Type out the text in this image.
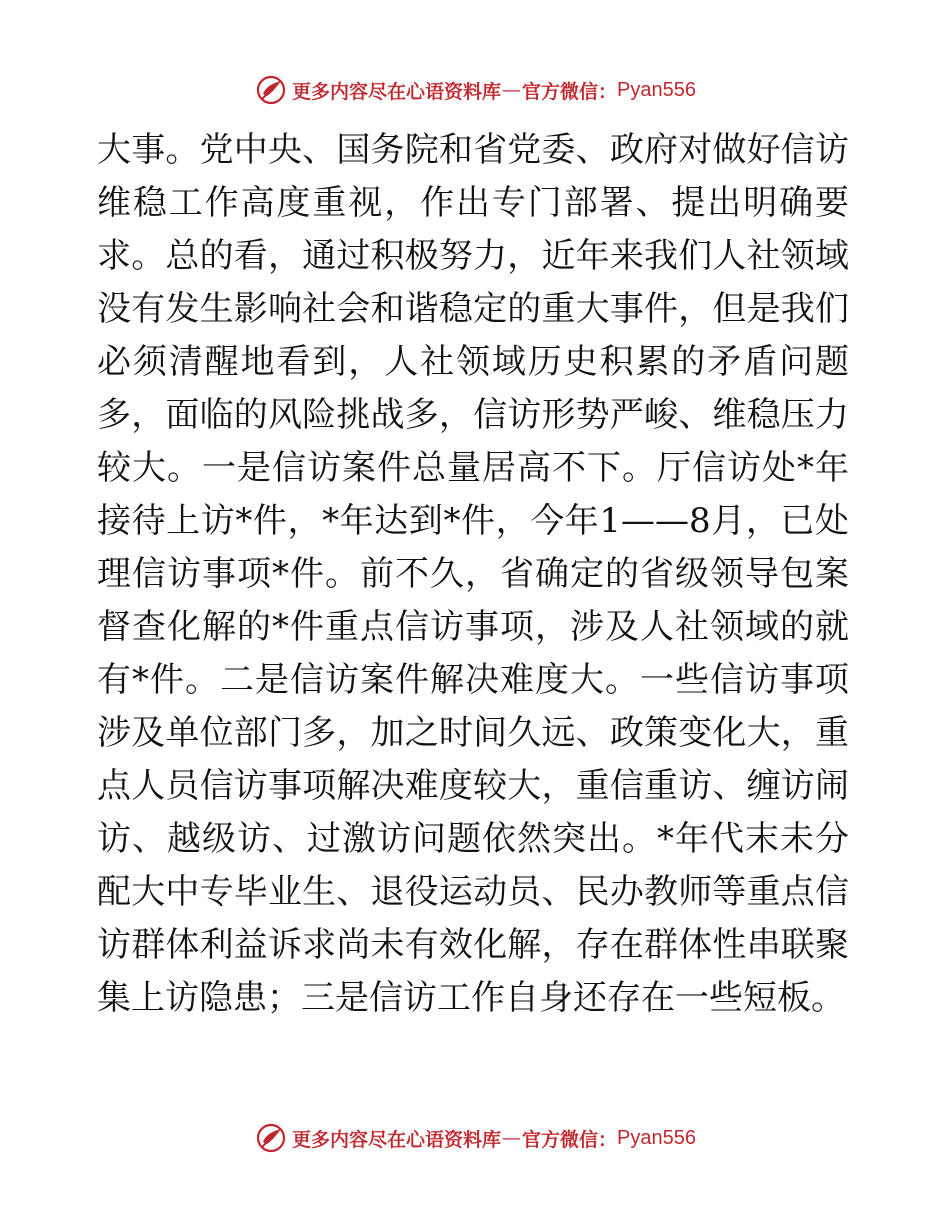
更多内容尽在心语资料库 — 官方微信： Pyan556
大事。党中央、国务院和省党委、政府对做好信访
维稳工作高度重视，作出专门部署、提出明确要
求。总的看，通过积极努力，近年来我们人社领域
没有发生影响社会和谐稳定的重大事件，但是我们
必须清醒地看到，人社领域历史积累的矛盾问题
多，面临的风险挑战多，信访形势严峻、维稳压力
较大。一是信访案件总量居高不下。厅信访处*年
接待上访*件，*年达到*件，今年1——8月，已处
理信访事项*件。前不久，省确定的省级领导包案
督查化解的*件重点信访事项，涉及人社领域的就
有*件。二是信访案件解决难度大。一些信访事项
涉及单位部门多，加之时间久远、政策变化大，重
点人员信访事项解决难度较大，重信重访、缠访闹
访、越级访、过激访问题依然突出。*年代末未分
配大中专毕业生、退役运动员、民办教师等重点信
访群体利益诉求尚未有效化解，存在群体性串联聚
集上访隐患；三是信访工作自身还存在一些短板。
更多内容尽在心语资料库 — 官方微信： Pyan556
